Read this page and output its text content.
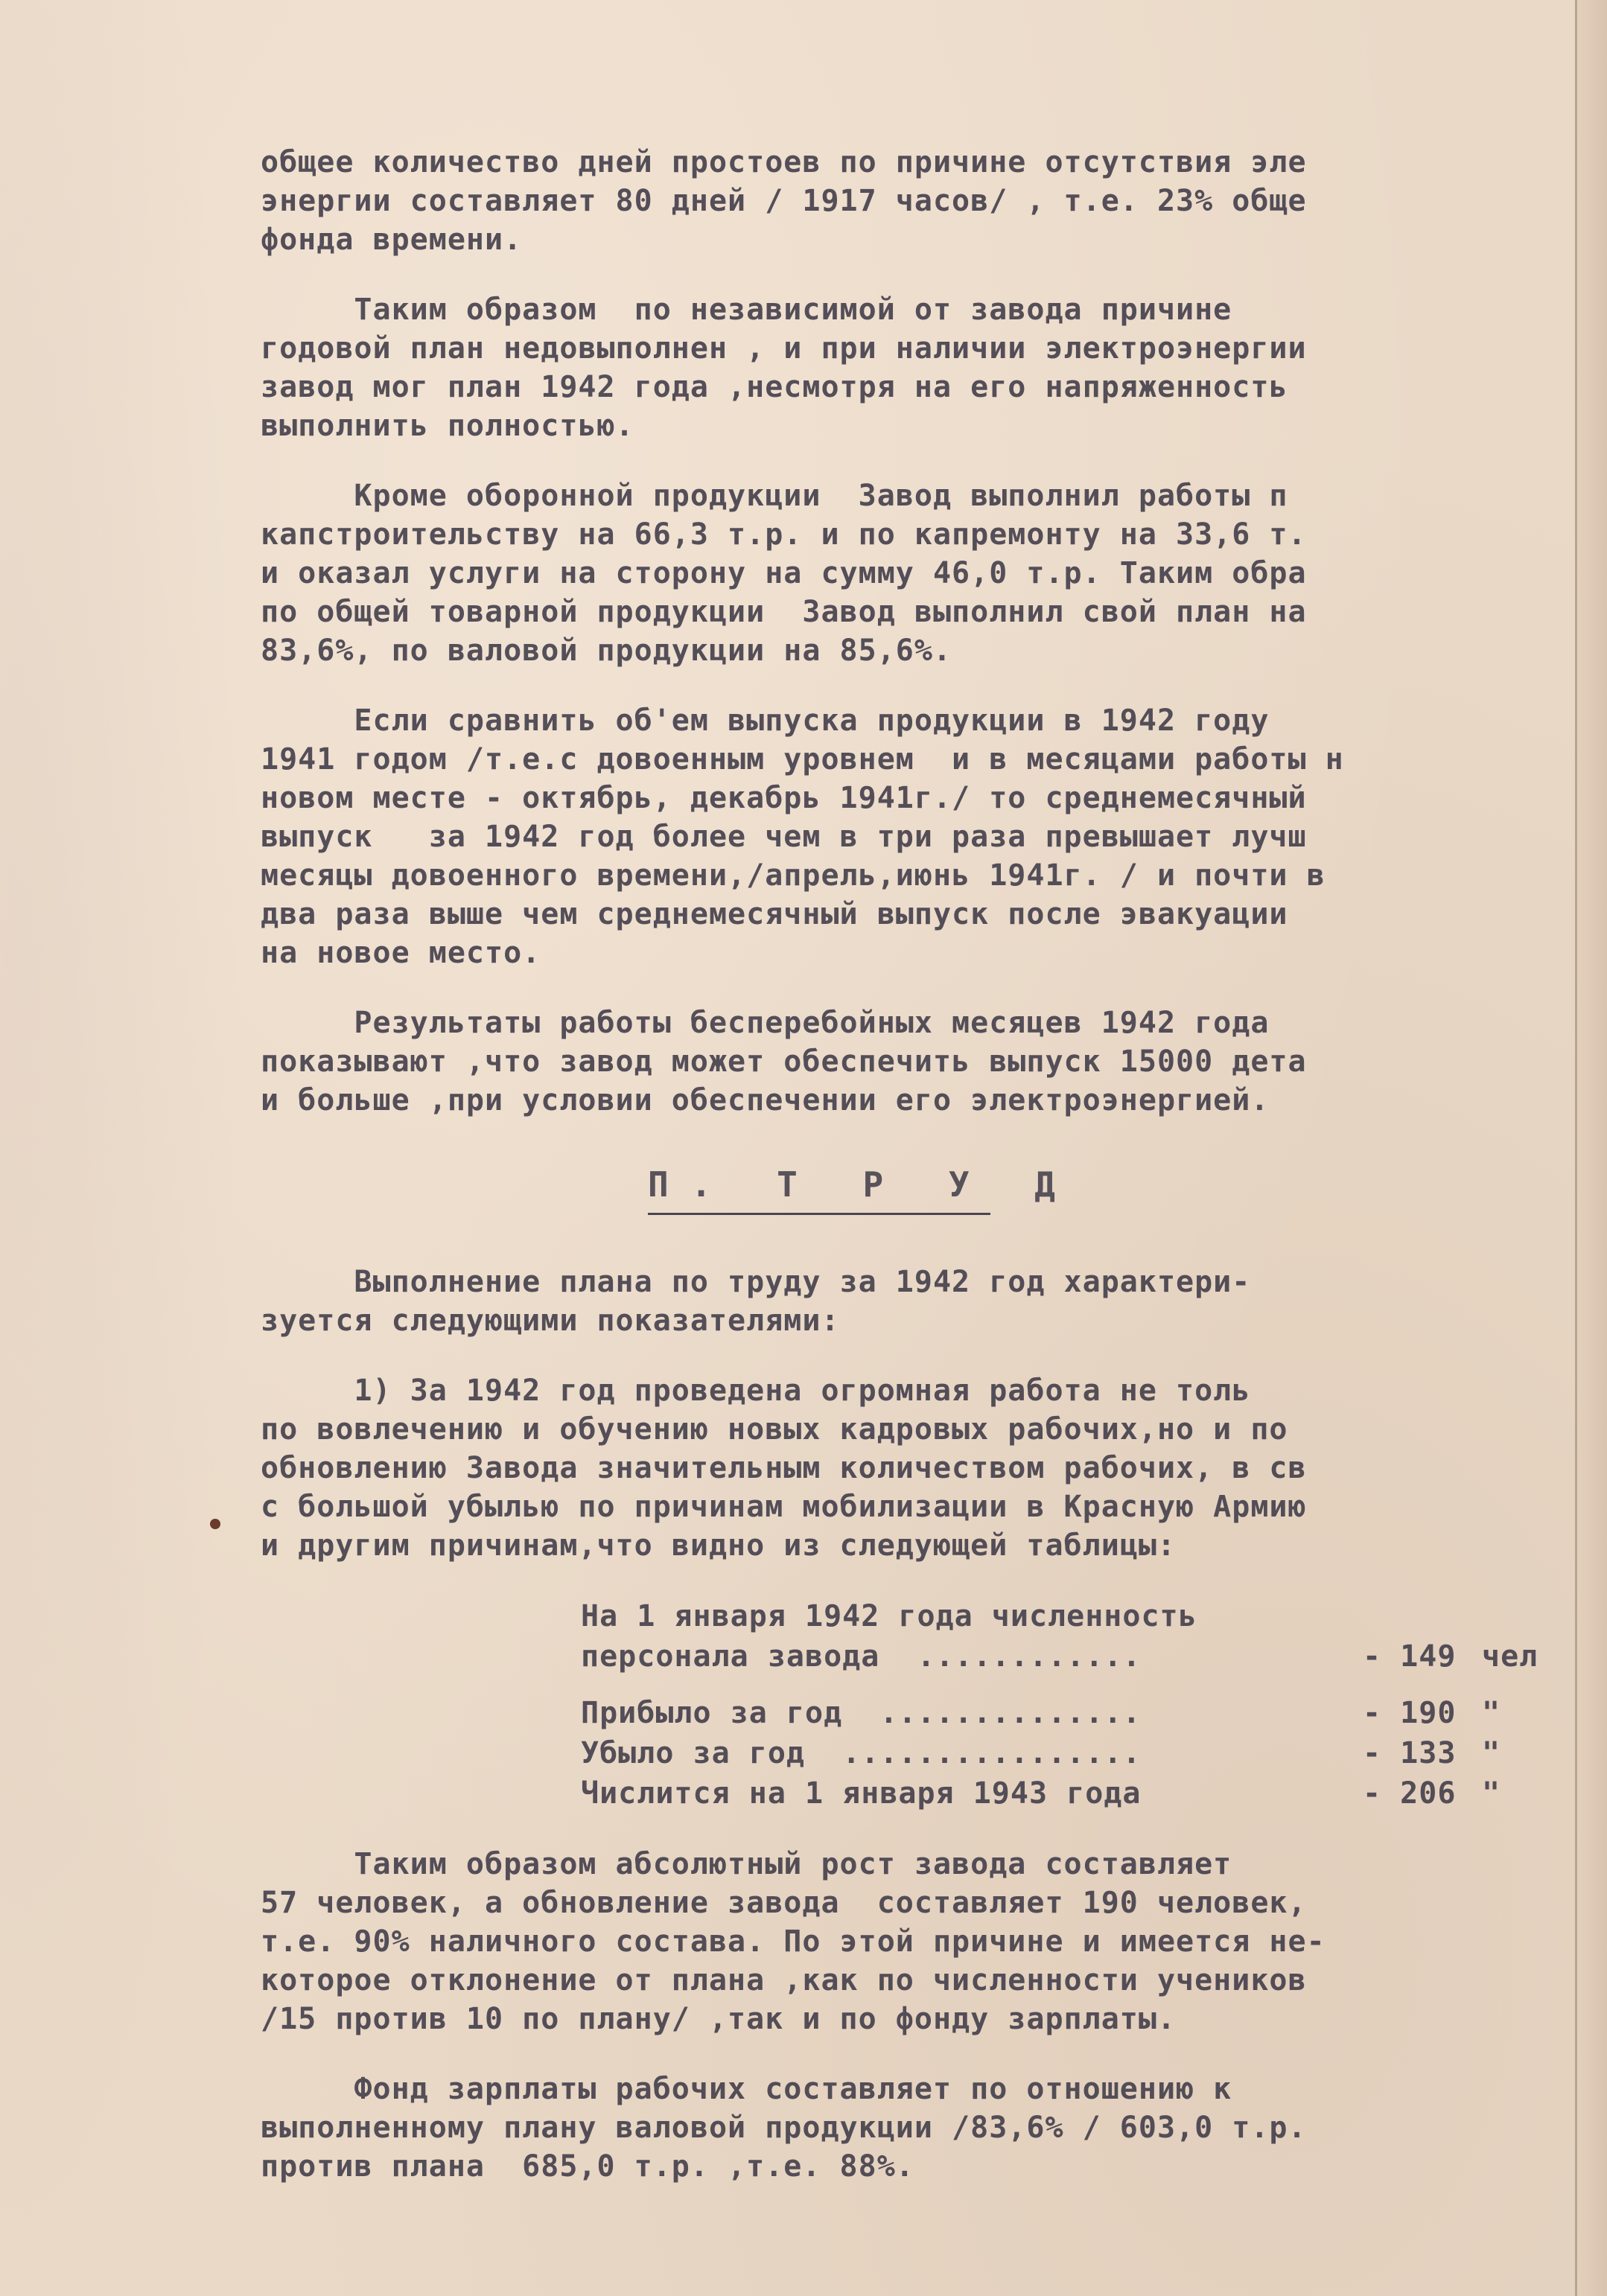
общее количество дней простоев по причине отсутствия эле

энергии составляет 80 дней / 1917 часов/ , т.е. 23% обще

фонда времени.

Таким образом  по независимой от завода причине

годовой план недовыполнен , и при наличии электроэнергии

завод мог план 1942 года ,несмотря на его напряженность

выполнить полностью.

Кроме оборонной продукции  Завод выполнил работы п

капстроительству на 66,3 т.р. и по капремонту на 33,6 т.

и оказал услуги на сторону на сумму 46,0 т.р. Таким обра

по общей товарной продукции  Завод выполнил свой план на

83,6%, по валовой продукции на 85,6%.

Если сравнить об'ем выпуска продукции в 1942 году

1941 годом /т.е.с довоенным уровнем  и в месяцами работы н

новом месте - октябрь, декабрь 1941г./ то среднемесячный

выпуск   за 1942 год более чем в три раза превышает лучш

месяцы довоенного времени,/апрель,июнь 1941г. / и почти в

два раза выше чем среднемесячный выпуск после эвакуации

на новое место.

Результаты работы бесперебойных месяцев 1942 года

показывают ,что завод может обеспечить выпуск 15000 дета

и больше ,при условии обеспечении его электроэнергией.

П. Т Р У Д

Выполнение плана по труду за 1942 год характери-

зуется следующими показателями:

1) За 1942 год проведена огромная работа не толь

по вовлечению и обучению новых кадровых рабочих,но и по

обновлению Завода значительным количеством рабочих, в св

с большой убылью по причинам мобилизации в Красную Армию

и другим причинам,что видно из следующей таблицы:

На 1 января 1942 года численность
персонала завода  ............	- 149 чел
Прибыло за год  ..............	- 190 "
Убыло за год  ................	- 133 "
Числится на 1 января 1943 года	- 206 "

Таким образом абсолютный рост завода составляет

57 человек, а обновление завода  составляет 190 человек,

т.е. 90% наличного состава. По этой причине и имеется не-

которое отклонение от плана ,как по численности учеников

/15 против 10 по плану/ ,так и по фонду зарплаты.

Фонд зарплаты рабочих составляет по отношению к

выполненному плану валовой продукции /83,6% / 603,0 т.р.

против плана  685,0 т.р. ,т.е. 88%.
